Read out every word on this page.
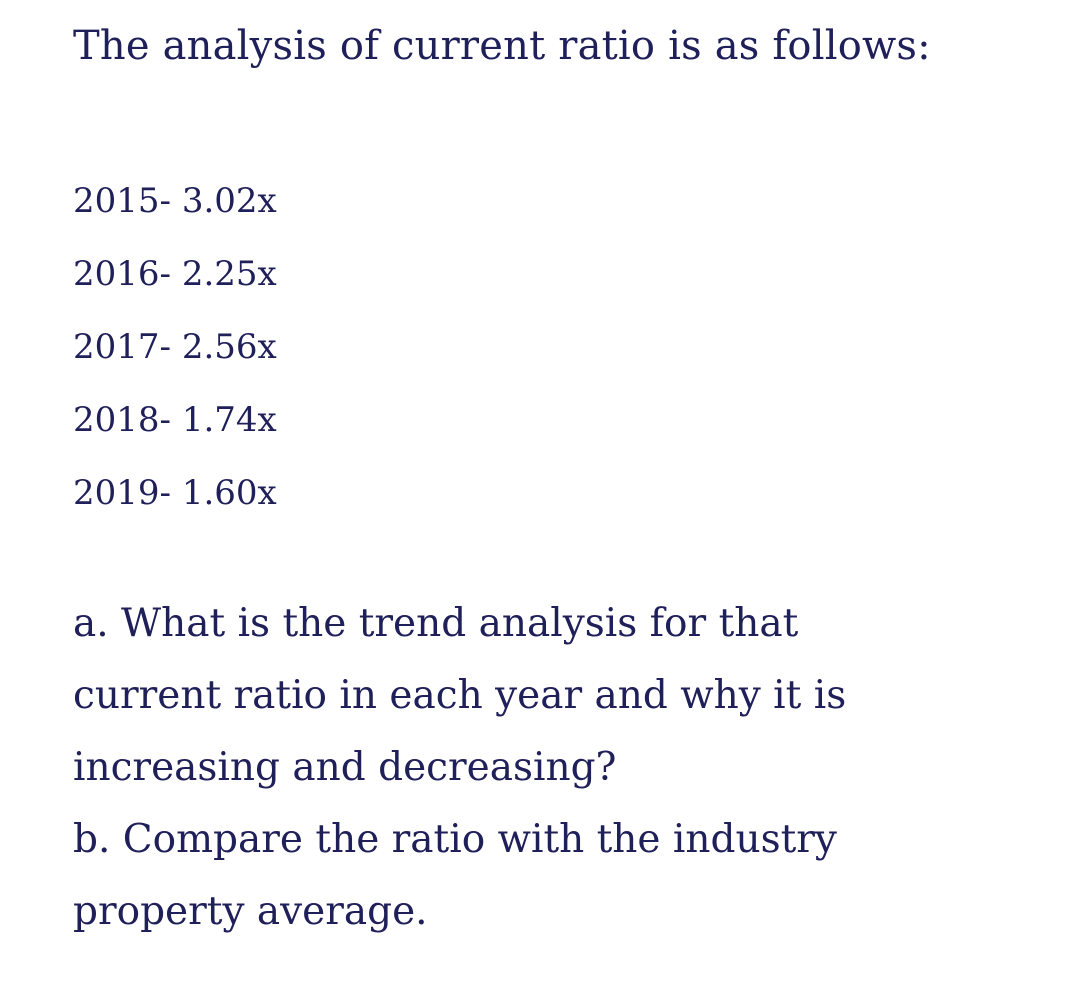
The analysis of current ratio is as follows:
2015- 3.02x
2016- 2.25x
2017- 2.56x
2018- 1.74x
2019- 1.60x
a. What is the trend analysis for that
current ratio in each year and why it is
increasing and decreasing?
b. Compare the ratio with the industry
property average.
